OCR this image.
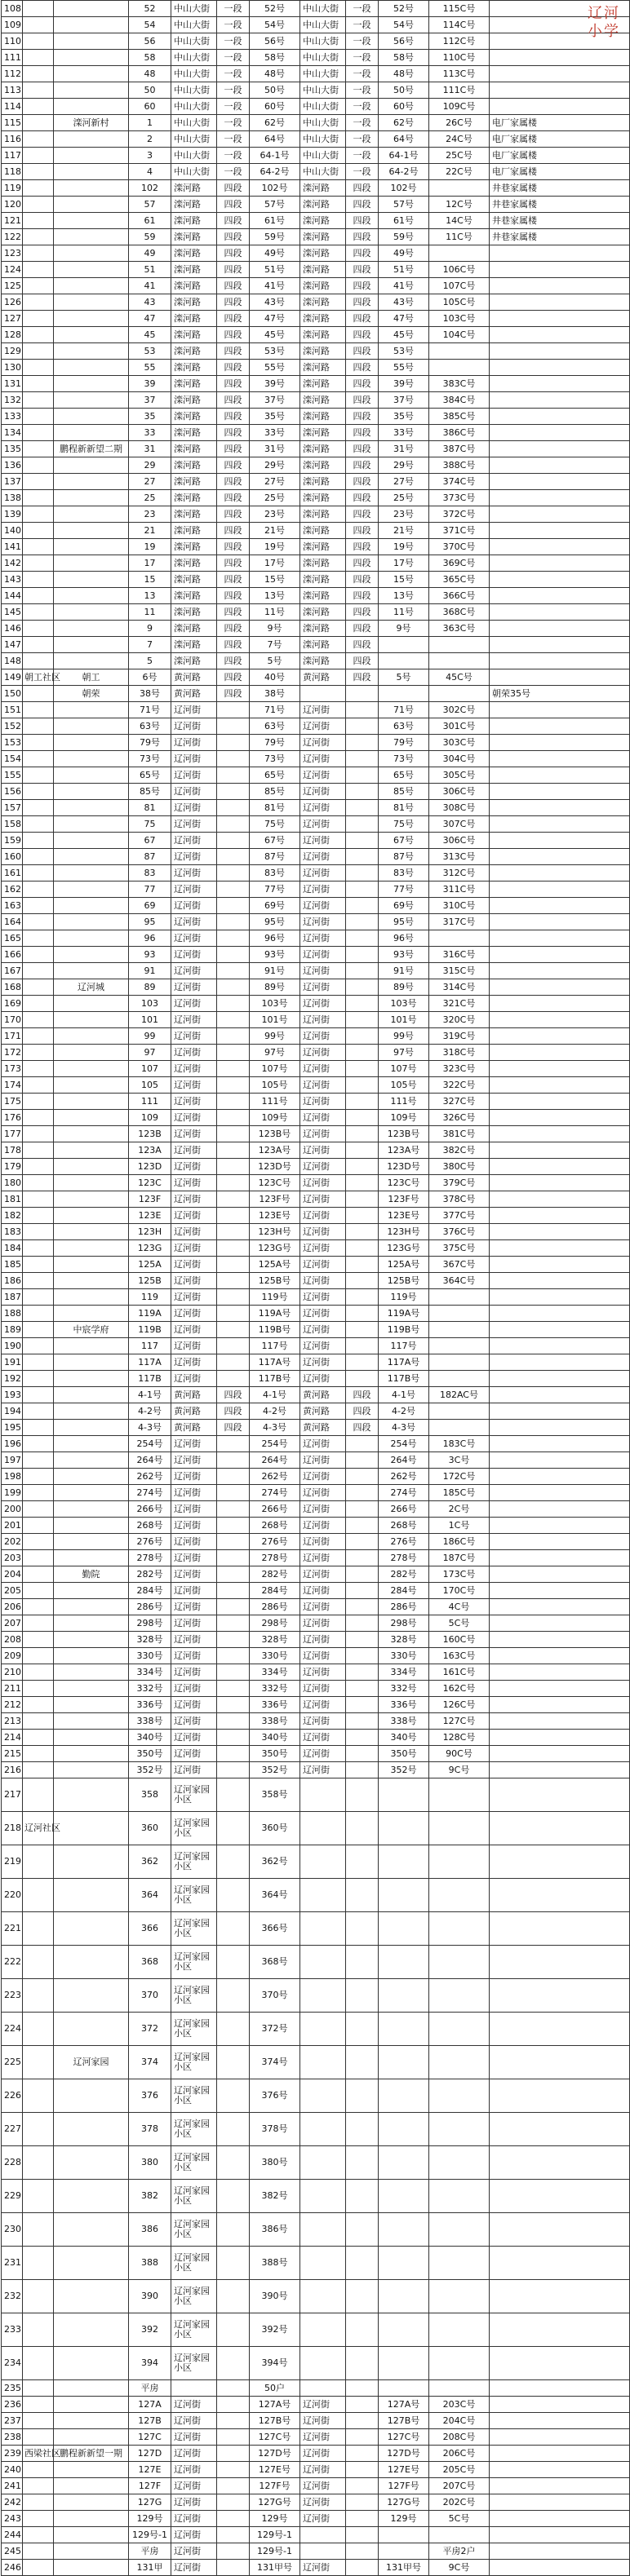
辽河小学
108			52	中山大街	一段	52号	中山大街	一段	52号	115C号	
109			54	中山大街	一段	54号	中山大街	一段	54号	114C号	
110			56	中山大街	一段	56号	中山大街	一段	56号	112C号	
111			58	中山大街	一段	58号	中山大街	一段	58号	110C号	
112			48	中山大街	一段	48号	中山大街	一段	48号	113C号	
113			50	中山大街	一段	50号	中山大街	一段	50号	111C号	
114			60	中山大街	一段	60号	中山大街	一段	60号	109C号	
115		滦河新村	1	中山大街	一段	62号	中山大街	一段	62号	26C号	电厂家属楼
116			2	中山大街	一段	64号	中山大街	一段	64号	24C号	电厂家属楼
117			3	中山大街	一段	64-1号	中山大街	一段	64-1号	25C号	电厂家属楼
118			4	中山大街	一段	64-2号	中山大街	一段	64-2号	22C号	电厂家属楼
119			102	滦河路	四段	102号	滦河路	四段	102号		井巷家属楼
120			57	滦河路	四段	57号	滦河路	四段	57号	12C号	井巷家属楼
121			61	滦河路	四段	61号	滦河路	四段	61号	14C号	井巷家属楼
122			59	滦河路	四段	59号	滦河路	四段	59号	11C号	井巷家属楼
123			49	滦河路	四段	49号	滦河路	四段	49号		
124			51	滦河路	四段	51号	滦河路	四段	51号	106C号	
125			41	滦河路	四段	41号	滦河路	四段	41号	107C号	
126			43	滦河路	四段	43号	滦河路	四段	43号	105C号	
127			47	滦河路	四段	47号	滦河路	四段	47号	103C号	
128			45	滦河路	四段	45号	滦河路	四段	45号	104C号	
129			53	滦河路	四段	53号	滦河路	四段	53号		
130			55	滦河路	四段	55号	滦河路	四段	55号		
131			39	滦河路	四段	39号	滦河路	四段	39号	383C号	
132			37	滦河路	四段	37号	滦河路	四段	37号	384C号	
133			35	滦河路	四段	35号	滦河路	四段	35号	385C号	
134			33	滦河路	四段	33号	滦河路	四段	33号	386C号	
135		鹏程新新望二期	31	滦河路	四段	31号	滦河路	四段	31号	387C号	
136			29	滦河路	四段	29号	滦河路	四段	29号	388C号	
137			27	滦河路	四段	27号	滦河路	四段	27号	374C号	
138			25	滦河路	四段	25号	滦河路	四段	25号	373C号	
139			23	滦河路	四段	23号	滦河路	四段	23号	372C号	
140			21	滦河路	四段	21号	滦河路	四段	21号	371C号	
141			19	滦河路	四段	19号	滦河路	四段	19号	370C号	
142			17	滦河路	四段	17号	滦河路	四段	17号	369C号	
143			15	滦河路	四段	15号	滦河路	四段	15号	365C号	
144			13	滦河路	四段	13号	滦河路	四段	13号	366C号	
145			11	滦河路	四段	11号	滦河路	四段	11号	368C号	
146			9	滦河路	四段	9号	滦河路	四段	9号	363C号	
147			7	滦河路	四段	7号	滦河路	四段			
148			5	滦河路	四段	5号	滦河路	四段			
149	朝工社区	朝工	6号	黄河路	四段	40号	黄河路	四段	5号	45C号	
150		朝荣	38号	黄河路	四段	38号					朝荣35号
151			71号	辽河街		71号	辽河街		71号	302C号	
152			63号	辽河街		63号	辽河街		63号	301C号	
153			79号	辽河街		79号	辽河街		79号	303C号	
154			73号	辽河街		73号	辽河街		73号	304C号	
155			65号	辽河街		65号	辽河街		65号	305C号	
156			85号	辽河街		85号	辽河街		85号	306C号	
157			81	辽河街		81号	辽河街		81号	308C号	
158			75	辽河街		75号	辽河街		75号	307C号	
159			67	辽河街		67号	辽河街		67号	306C号	
160			87	辽河街		87号	辽河街		87号	313C号	
161			83	辽河街		83号	辽河街		83号	312C号	
162			77	辽河街		77号	辽河街		77号	311C号	
163			69	辽河街		69号	辽河街		69号	310C号	
164			95	辽河街		95号	辽河街		95号	317C号	
165			96	辽河街		96号	辽河街		96号		
166			93	辽河街		93号	辽河街		93号	316C号	
167			91	辽河街		91号	辽河街		91号	315C号	
168		辽河城	89	辽河街		89号	辽河街		89号	314C号	
169			103	辽河街		103号	辽河街		103号	321C号	
170			101	辽河街		101号	辽河街		101号	320C号	
171			99	辽河街		99号	辽河街		99号	319C号	
172			97	辽河街		97号	辽河街		97号	318C号	
173			107	辽河街		107号	辽河街		107号	323C号	
174			105	辽河街		105号	辽河街		105号	322C号	
175			111	辽河街		111号	辽河街		111号	327C号	
176			109	辽河街		109号	辽河街		109号	326C号	
177			123B	辽河街		123B号	辽河街		123B号	381C号	
178			123A	辽河街		123A号	辽河街		123A号	382C号	
179			123D	辽河街		123D号	辽河街		123D号	380C号	
180			123C	辽河街		123C号	辽河街		123C号	379C号	
181			123F	辽河街		123F号	辽河街		123F号	378C号	
182			123E	辽河街		123E号	辽河街		123E号	377C号	
183			123H	辽河街		123H号	辽河街		123H号	376C号	
184			123G	辽河街		123G号	辽河街		123G号	375C号	
185			125A	辽河街		125A号	辽河街		125A号	367C号	
186			125B	辽河街		125B号	辽河街		125B号	364C号	
187			119	辽河街		119号	辽河街		119号		
188			119A	辽河街		119A号	辽河街		119A号		
189		中宸学府	119B	辽河街		119B号	辽河街		119B号		
190			117	辽河街		117号	辽河街		117号		
191			117A	辽河街		117A号	辽河街		117A号		
192			117B	辽河街		117B号	辽河街		117B号		
193			4-1号	黄河路	四段	4-1号	黄河路	四段	4-1号	182AC号	
194			4-2号	黄河路	四段	4-2号	黄河路	四段	4-2号		
195			4-3号	黄河路	四段	4-3号	黄河路	四段	4-3号		
196			254号	辽河街		254号	辽河街		254号	183C号	
197			264号	辽河街		264号	辽河街		264号	3C号	
198			262号	辽河街		262号	辽河街		262号	172C号	
199			274号	辽河街		274号	辽河街		274号	185C号	
200			266号	辽河街		266号	辽河街		266号	2C号	
201			268号	辽河街		268号	辽河街		268号	1C号	
202			276号	辽河街		276号	辽河街		276号	186C号	
203			278号	辽河街		278号	辽河街		278号	187C号	
204		勤院	282号	辽河街		282号	辽河街		282号	173C号	
205			284号	辽河街		284号	辽河街		284号	170C号	
206			286号	辽河街		286号	辽河街		286号	4C号	
207			298号	辽河街		298号	辽河街		298号	5C号	
208			328号	辽河街		328号	辽河街		328号	160C号	
209			330号	辽河街		330号	辽河街		330号	163C号	
210			334号	辽河街		334号	辽河街		334号	161C号	
211			332号	辽河街		332号	辽河街		332号	162C号	
212			336号	辽河街		336号	辽河街		336号	126C号	
213			338号	辽河街		338号	辽河街		338号	127C号	
214			340号	辽河街		340号	辽河街		340号	128C号	
215			350号	辽河街		350号	辽河街		350号	90C号	
216			352号	辽河街		352号	辽河街		352号	9C号	
217			358	辽河家园小区		358号					
218	辽河社区		360	辽河家园小区		360号					
219			362	辽河家园小区		362号					
220			364	辽河家园小区		364号					
221			366	辽河家园小区		366号					
222			368	辽河家园小区		368号					
223			370	辽河家园小区		370号					
224			372	辽河家园小区		372号					
225		辽河家园	374	辽河家园小区		374号					
226			376	辽河家园小区		376号					
227			378	辽河家园小区		378号					
228			380	辽河家园小区		380号					
229			382	辽河家园小区		382号					
230			386	辽河家园小区		386号					
231			388	辽河家园小区		388号					
232			390	辽河家园小区		390号					
233			392	辽河家园小区		392号					
234			394	辽河家园小区		394号					
235			平房			50户					
236			127A	辽河街		127A号	辽河街		127A号	203C号	
237			127B	辽河街		127B号	辽河街		127B号	204C号	
238			127C	辽河街		127C号	辽河街		127C号	208C号	
239	西梁社区	鹏程新新望一期	127D	辽河街		127D号	辽河街		127D号	206C号	
240			127E	辽河街		127E号	辽河街		127E号	205C号	
241			127F	辽河街		127F号	辽河街		127F号	207C号	
242			127G	辽河街		127G号	辽河街		127G号	202C号	
243			129号	辽河街		129号	辽河街		129号	5C号	
244			129号-1	辽河街		129号-1					
245			平房	辽河街		129号-1				平房2户	
246			131甲	辽河街		131甲号	辽河街		131甲号	9C号	
